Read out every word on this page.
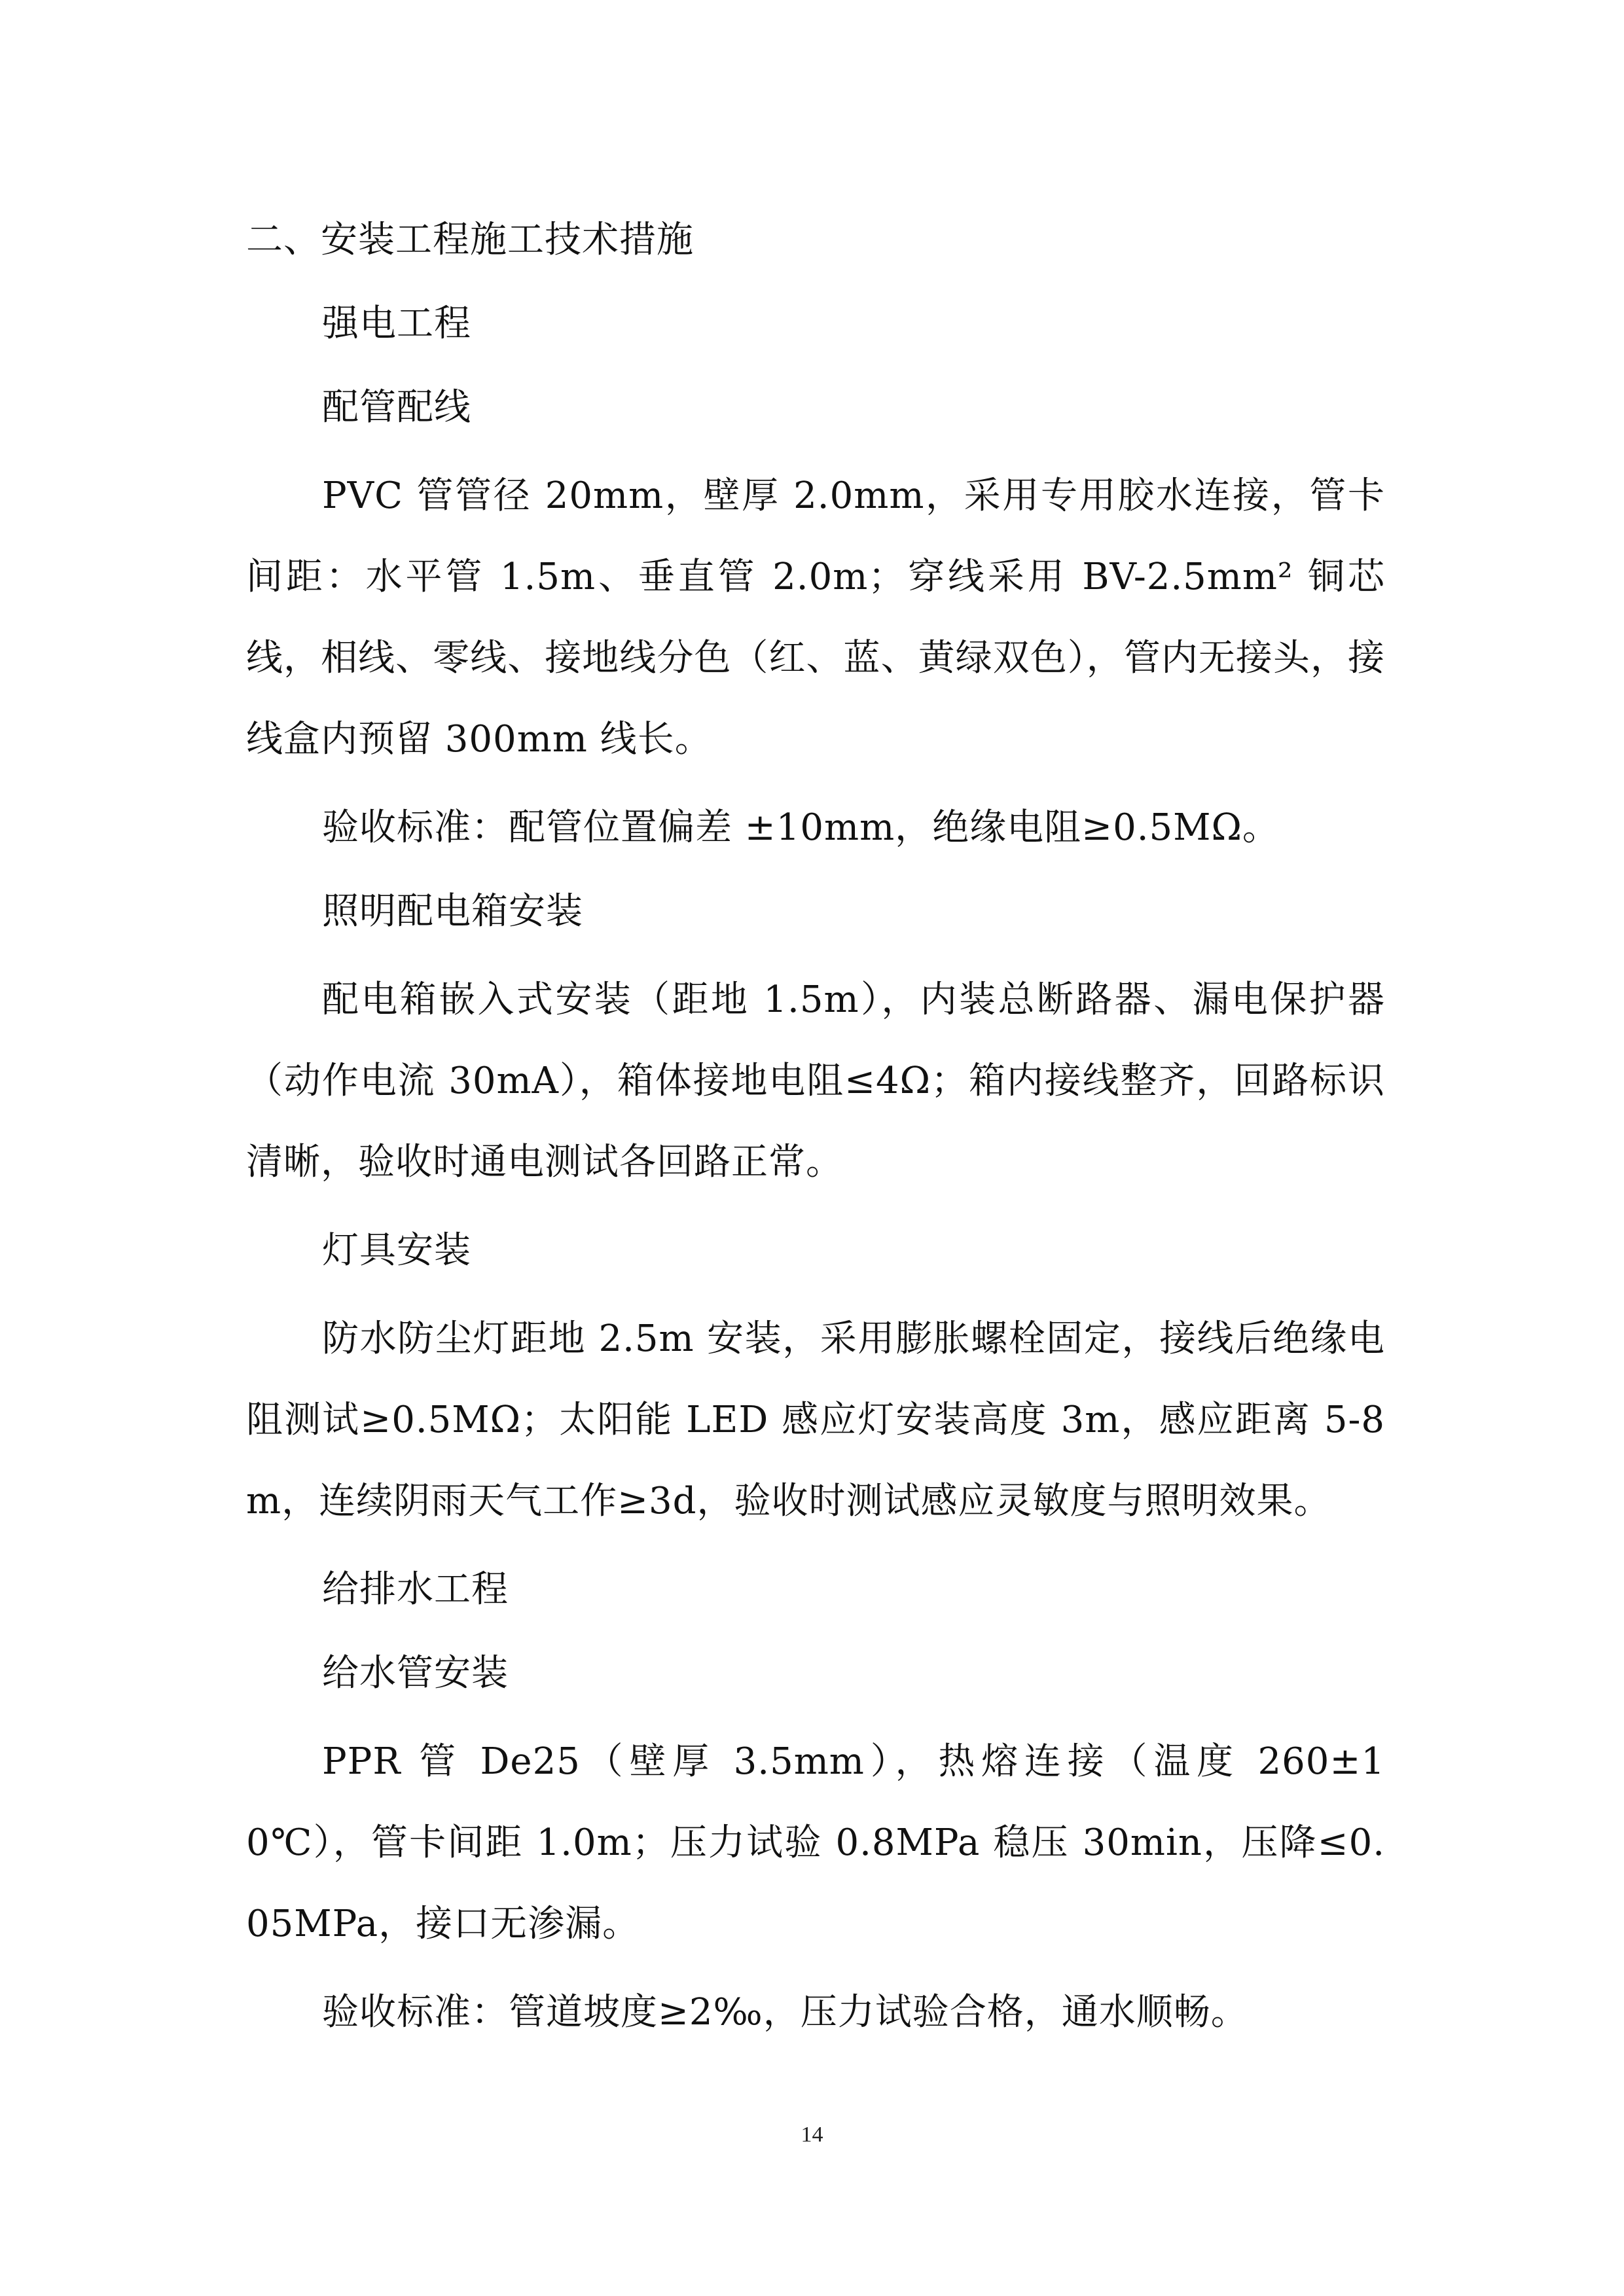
二、安装工程施工技术措施
强电工程
配管配线

PVC 管管径 20mm，壁厚 2.0mm，采用专用胶水连接，管卡间距：水平管 1.5m、垂直管 2.0m；穿线采用 BV-2.5mm² 铜芯线，相线、零线、接地线分色（红、蓝、黄绿双色），管内无接头，接线盒内预留 300mm 线长。

验收标准：配管位置偏差 ±10mm，绝缘电阻≥0.5MΩ。
照明配电箱安装

配电箱嵌入式安装（距地 1.5m），内装总断路器、漏电保护器（动作电流 30mA），箱体接地电阻≤4Ω；箱内接线整齐，回路标识清晰，验收时通电测试各回路正常。

灯具安装

防水防尘灯距地 2.5m 安装，采用膨胀螺栓固定，接线后绝缘电阻测试≥0.5MΩ；太阳能 LED 感应灯安装高度 3m，感应距离 5-8m，连续阴雨天气工作≥3d，验收时测试感应灵敏度与照明效果。

给排水工程
给水管安装

PPR 管 De25（壁厚 3.5mm），热熔连接（温度 260±10℃），管卡间距 1.0m；压力试验 0.8MPa 稳压 30min，压降≤0.05MPa，接口无渗漏。

验收标准：管道坡度≥2‰，压力试验合格，通水顺畅。
14
